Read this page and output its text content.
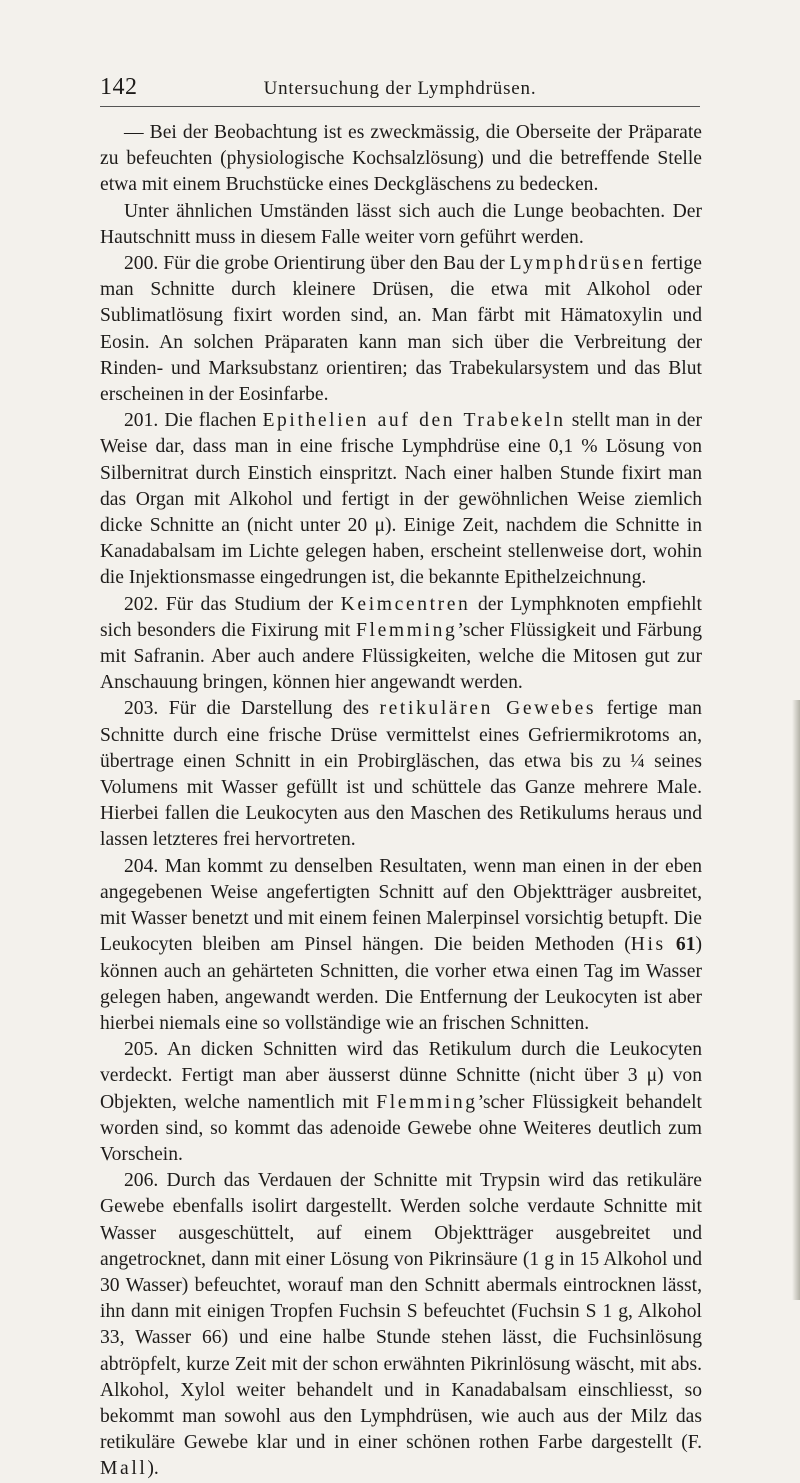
142	Untersuchung der Lymphdrüsen.

— Bei der Beobachtung ist es zweckmässig, die Oberseite der Präparate zu befeuchten (physiologische Kochsalzlösung) und die betreffende Stelle etwa mit einem Bruchstücke eines Deckgläschens zu bedecken.

Unter ähnlichen Umständen lässt sich auch die Lunge beobachten. Der Hautschnitt muss in diesem Falle weiter vorn geführt werden.

200. Für die grobe Orientirung über den Bau der Lymphdrüsen fertige man Schnitte durch kleinere Drüsen, die etwa mit Alkohol oder Sublimatlösung fixirt worden sind, an. Man färbt mit Hämatoxylin und Eosin. An solchen Präparaten kann man sich über die Verbreitung der Rinden- und Marksubstanz orientiren; das Trabekularsystem und das Blut erscheinen in der Eosinfarbe.

201. Die flachen Epithelien auf den Trabekeln stellt man in der Weise dar, dass man in eine frische Lymphdrüse eine 0,1 % Lösung von Silbernitrat durch Einstich einspritzt. Nach einer halben Stunde fixirt man das Organ mit Alkohol und fertigt in der gewöhnlichen Weise ziemlich dicke Schnitte an (nicht unter 20 μ). Einige Zeit, nachdem die Schnitte in Kanadabalsam im Lichte gelegen haben, erscheint stellenweise dort, wohin die Injektionsmasse eingedrungen ist, die bekannte Epithelzeichnung.

202. Für das Studium der Keimcentren der Lymphknoten empfiehlt sich besonders die Fixirung mit Flemming’scher Flüssigkeit und Färbung mit Safranin. Aber auch andere Flüssigkeiten, welche die Mitosen gut zur Anschauung bringen, können hier angewandt werden.

203. Für die Darstellung des retikulären Gewebes fertige man Schnitte durch eine frische Drüse vermittelst eines Gefriermikrotoms an, übertrage einen Schnitt in ein Probirgläschen, das etwa bis zu ¼ seines Volumens mit Wasser gefüllt ist und schüttele das Ganze mehrere Male. Hierbei fallen die Leukocyten aus den Maschen des Retikulums heraus und lassen letzteres frei hervortreten.

204. Man kommt zu denselben Resultaten, wenn man einen in der eben angegebenen Weise angefertigten Schnitt auf den Objektträger ausbreitet, mit Wasser benetzt und mit einem feinen Malerpinsel vorsichtig betupft. Die Leukocyten bleiben am Pinsel hängen. Die beiden Methoden (His 61) können auch an gehärteten Schnitten, die vorher etwa einen Tag im Wasser gelegen haben, angewandt werden. Die Entfernung der Leukocyten ist aber hierbei niemals eine so vollständige wie an frischen Schnitten.

205. An dicken Schnitten wird das Retikulum durch die Leukocyten verdeckt. Fertigt man aber äusserst dünne Schnitte (nicht über 3 μ) von Objekten, welche namentlich mit Flemming’scher Flüssigkeit behandelt worden sind, so kommt das adenoide Gewebe ohne Weiteres deutlich zum Vorschein.

206. Durch das Verdauen der Schnitte mit Trypsin wird das retikuläre Gewebe ebenfalls isolirt dargestellt. Werden solche verdaute Schnitte mit Wasser ausgeschüttelt, auf einem Objektträger ausgebreitet und angetrocknet, dann mit einer Lösung von Pikrinsäure (1 g in 15 Alkohol und 30 Wasser) befeuchtet, worauf man den Schnitt abermals eintrocknen lässt, ihn dann mit einigen Tropfen Fuchsin S befeuchtet (Fuchsin S 1 g, Alkohol 33, Wasser 66) und eine halbe Stunde stehen lässt, die Fuchsinlösung abtröpfelt, kurze Zeit mit der schon erwähnten Pikrinlösung wäscht, mit abs. Alkohol, Xylol weiter behandelt und in Kanadabalsam einschliesst, so bekommt man sowohl aus den Lymphdrüsen, wie auch aus der Milz das retikuläre Gewebe klar und in einer schönen rothen Farbe dargestellt (F. Mall).
